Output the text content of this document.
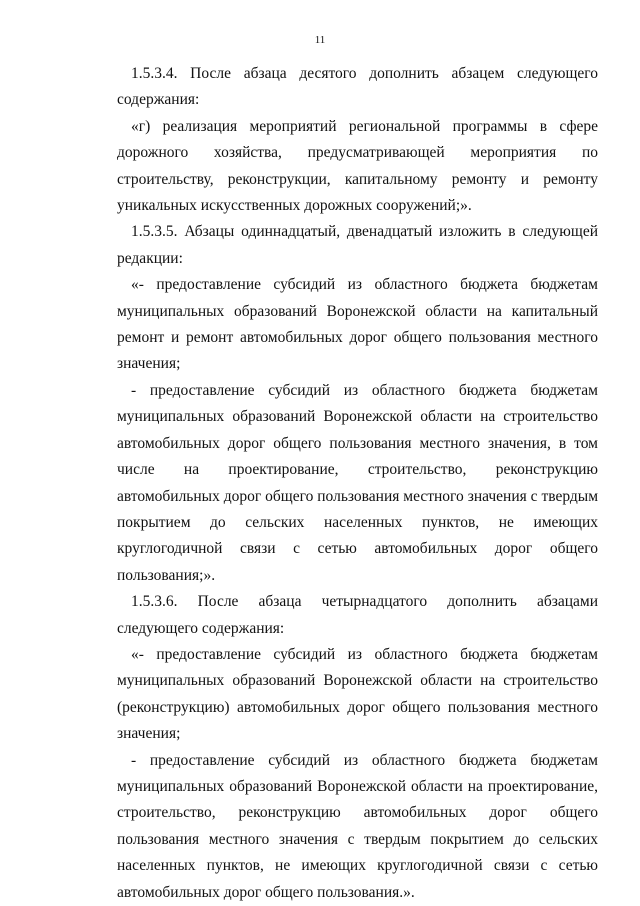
11

1.5.3.4. После абзаца десятого дополнить абзацем следующего содержания:

«г) реализация мероприятий региональной программы в сфере дорожного хозяйства, предусматривающей мероприятия по строительству, реконструкции, капитальному ремонту и ремонту уникальных искусственных дорожных сооружений;».

1.5.3.5. Абзацы одиннадцатый, двенадцатый изложить в следующей редакции:

«- предоставление субсидий из областного бюджета бюджетам муниципальных образований Воронежской области на капитальный ремонт и ремонт автомобильных дорог общего пользования местного значения;

- предоставление субсидий из областного бюджета бюджетам муниципальных образований Воронежской области на строительство автомобильных дорог общего пользования местного значения, в том числе на проектирование, строительство, реконструкцию автомобильных дорог общего пользования местного значения с твердым покрытием до сельских населенных пунктов, не имеющих круглогодичной связи с сетью автомобильных дорог общего пользования;».

1.5.3.6. После абзаца четырнадцатого дополнить абзацами следующего содержания:

«- предоставление субсидий из областного бюджета бюджетам муниципальных образований Воронежской области на строительство (реконструкцию) автомобильных дорог общего пользования местного значения;

- предоставление субсидий из областного бюджета бюджетам муниципальных образований Воронежской области на проектирование, строительство, реконструкцию автомобильных дорог общего пользования местного значения с твердым покрытием до сельских населенных пунктов, не имеющих круглогодичной связи с сетью автомобильных дорог общего пользования.».
